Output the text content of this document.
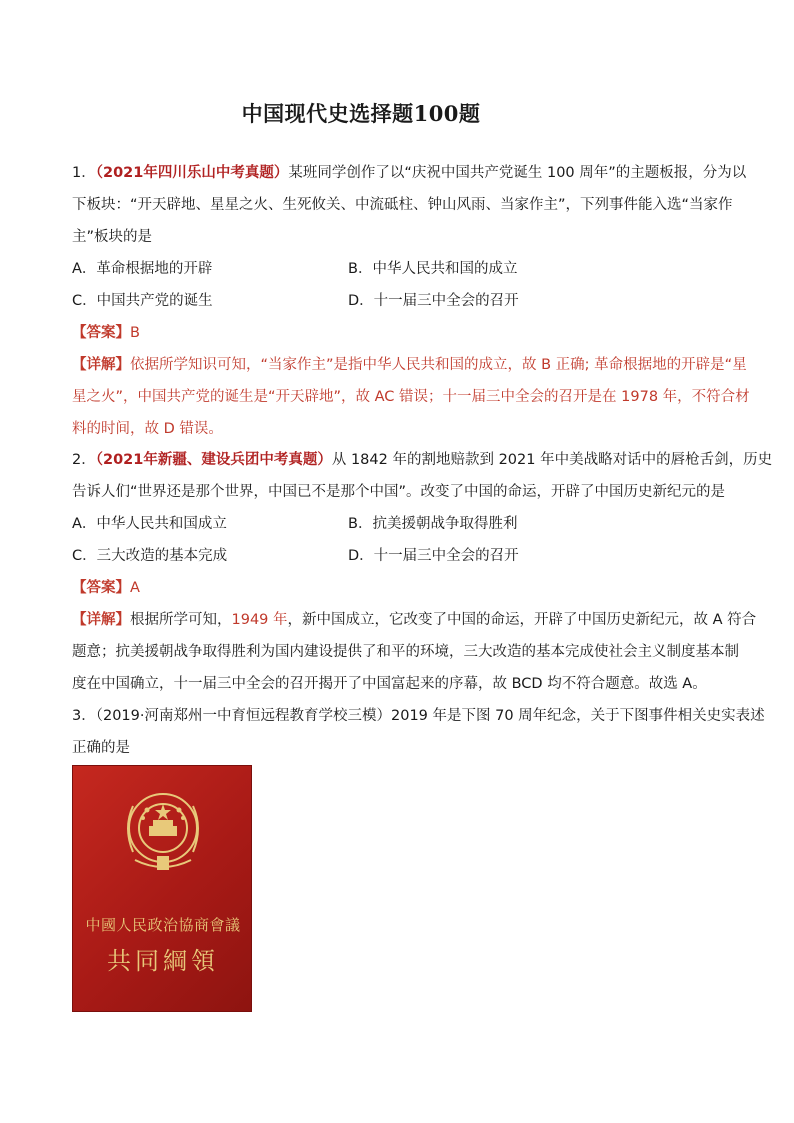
中国现代史选择题100题
1．（2021年四川乐山中考真题）某班同学创作了以“庆祝中国共产党诞生 100 周年”的主题板报，分为以
下板块：“开天辟地、星星之火、生死攸关、中流砥柱、钟山风雨、当家作主”，下列事件能入选“当家作
主”板块的是
A．革命根据地的开辟	B．中华人民共和国的成立
C．中国共产党的诞生	D．十一届三中全会的召开
【答案】B
【详解】依据所学知识可知，“当家作主”是指中华人民共和国的成立，故 B 正确; 革命根据地的开辟是“星
星之火”，中国共产党的诞生是“开天辟地”，故 AC 错误；十一届三中全会的召开是在 1978 年，不符合材
料的时间，故 D 错误。
2．（2021年新疆、建设兵团中考真题）从 1842 年的割地赔款到 2021 年中美战略对话中的唇枪舌剑，历史
告诉人们“世界还是那个世界，中国已不是那个中国”。改变了中国的命运，开辟了中国历史新纪元的是
A．中华人民共和国成立	B．抗美援朝战争取得胜利
C．三大改造的基本完成	D．十一届三中全会的召开
【答案】A
【详解】根据所学可知，1949 年，新中国成立，它改变了中国的命运，开辟了中国历史新纪元，故 A 符合
题意；抗美援朝战争取得胜利为国内建设提供了和平的环境，三大改造的基本完成使社会主义制度基本制
度在中国确立，十一届三中全会的召开揭开了中国富起来的序幕，故 BCD 均不符合题意。故选 A。
3．（2019·河南郑州一中育恒远程教育学校三模）2019 年是下图 70 周年纪念，关于下图事件相关史实表述
正确的是
中國人民政治協商會議
共同綱領
